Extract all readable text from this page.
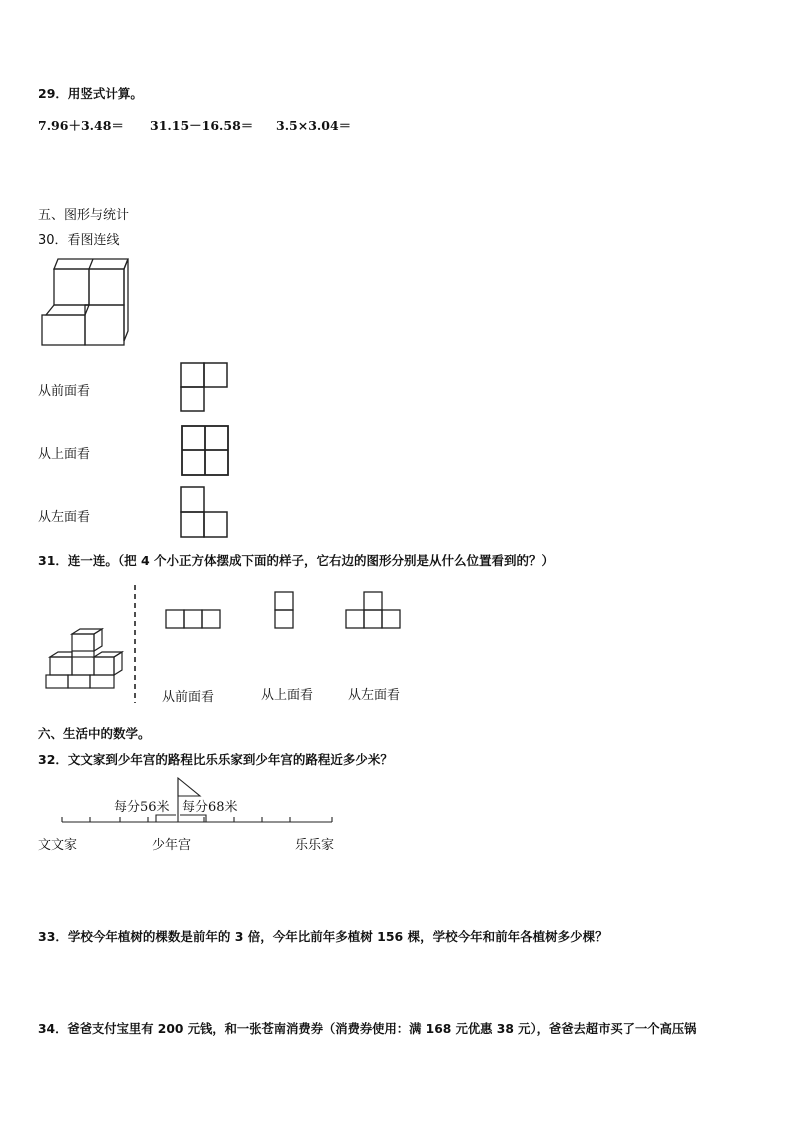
29．用竖式计算。
7.96＋3.48＝ 31.15－16.58＝ 3.5×3.04＝
五、图形与统计
30．看图连线
从前面看
从上面看
从左面看
31．连一连。（把 4 个小正方体摆成下面的样子，它右边的图形分别是从什么位置看到的？）
从前面看	从上面看	从左面看
六、生活中的数学。
32．文文家到少年宫的路程比乐乐家到少年宫的路程近多少米？
每分56米 每分68米
文文家	少年宫	乐乐家
33．学校今年植树的棵数是前年的 3 倍，今年比前年多植树 156 棵，学校今年和前年各植树多少棵？
34．爸爸支付宝里有 200 元钱，和一张苍南消费券（消费券使用：满 168 元优惠 38 元），爸爸去超市买了一个高压锅
